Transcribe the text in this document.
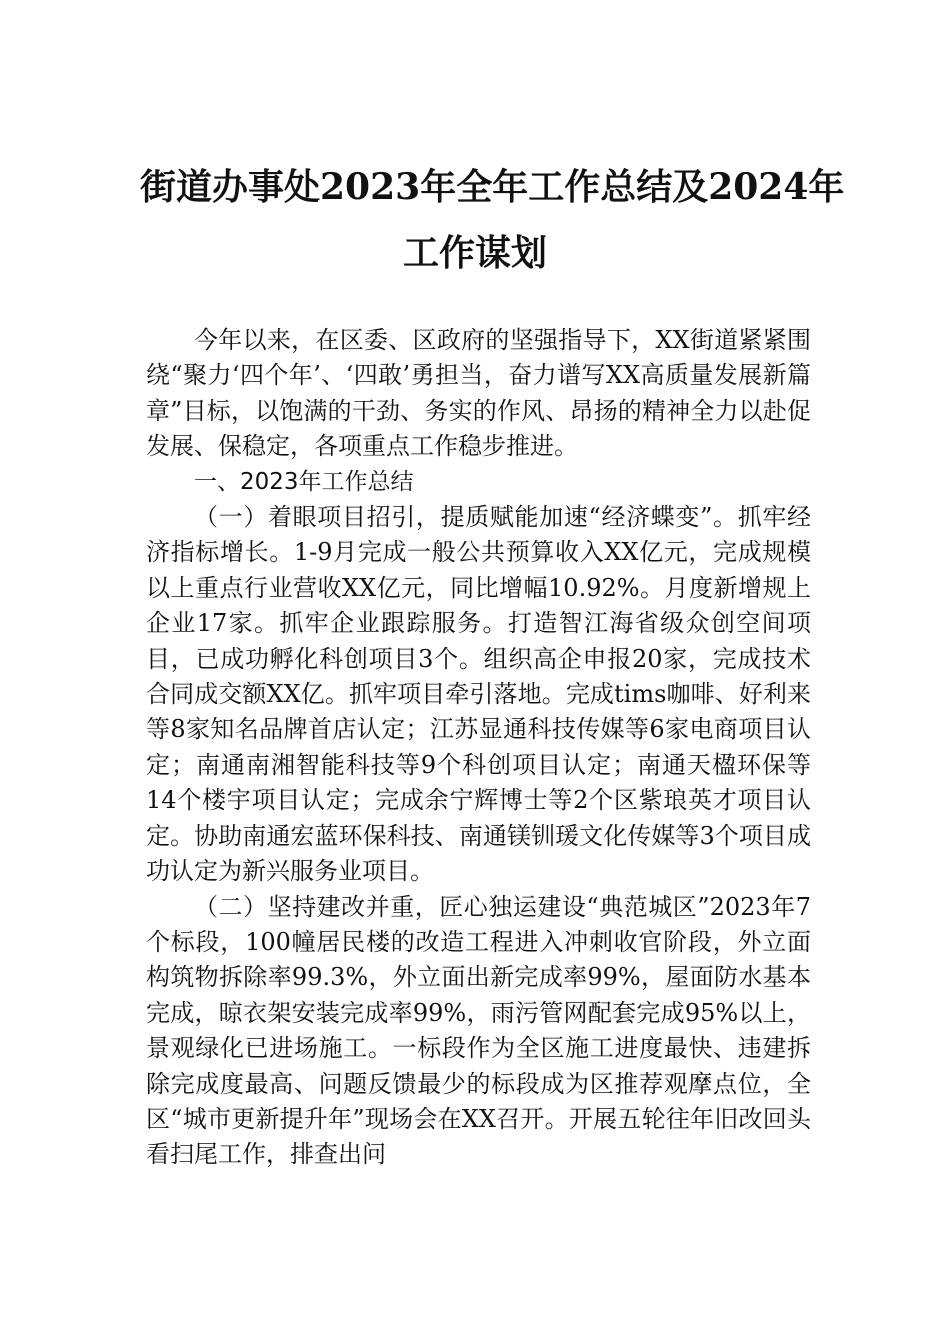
街道办事处2023年全年工作总结及2024年
工作谋划

今年以来，在区委、区政府的坚强指导下，XX街道紧紧围绕“聚力‘四个年’、‘四敢’勇担当，奋力谱写XX高质量发展新篇章”目标，以饱满的干劲、务实的作风、昂扬的精神全力以赴促发展、保稳定，各项重点工作稳步推进。

一、2023年工作总结

（一）着眼项目招引，提质赋能加速“经济蝶变”。抓牢经济指标增长。1-9月完成一般公共预算收入XX亿元，完成规模以上重点行业营收XX亿元，同比增幅10.92%。月度新增规上企业17家。抓牢企业跟踪服务。打造智江海省级众创空间项目，已成功孵化科创项目3个。组织高企申报20家，完成技术合同成交额XX亿。抓牢项目牵引落地。完成tims咖啡、好利来等8家知名品牌首店认定；江苏显通科技传媒等6家电商项目认定；南通南湘智能科技等9个科创项目认定；南通天楹环保等14个楼宇项目认定；完成余宁辉博士等2个区紫琅英才项目认定。协助南通宏蓝环保科技、南通镁钏瑗文化传媒等3个项目成功认定为新兴服务业项目。

（二）坚持建改并重，匠心独运建设“典范城区”2023年7个标段，100幢居民楼的改造工程进入冲刺收官阶段，外立面构筑物拆除率99.3%，外立面出新完成率99%，屋面防水基本完成，晾衣架安装完成率99%，雨污管网配套完成95%以上，景观绿化已进场施工。一标段作为全区施工进度最快、违建拆除完成度最高、问题反馈最少的标段成为区推荐观摩点位，全区“城市更新提升年”现场会在XX召开。开展五轮往年旧改回头看扫尾工作，排查出问
